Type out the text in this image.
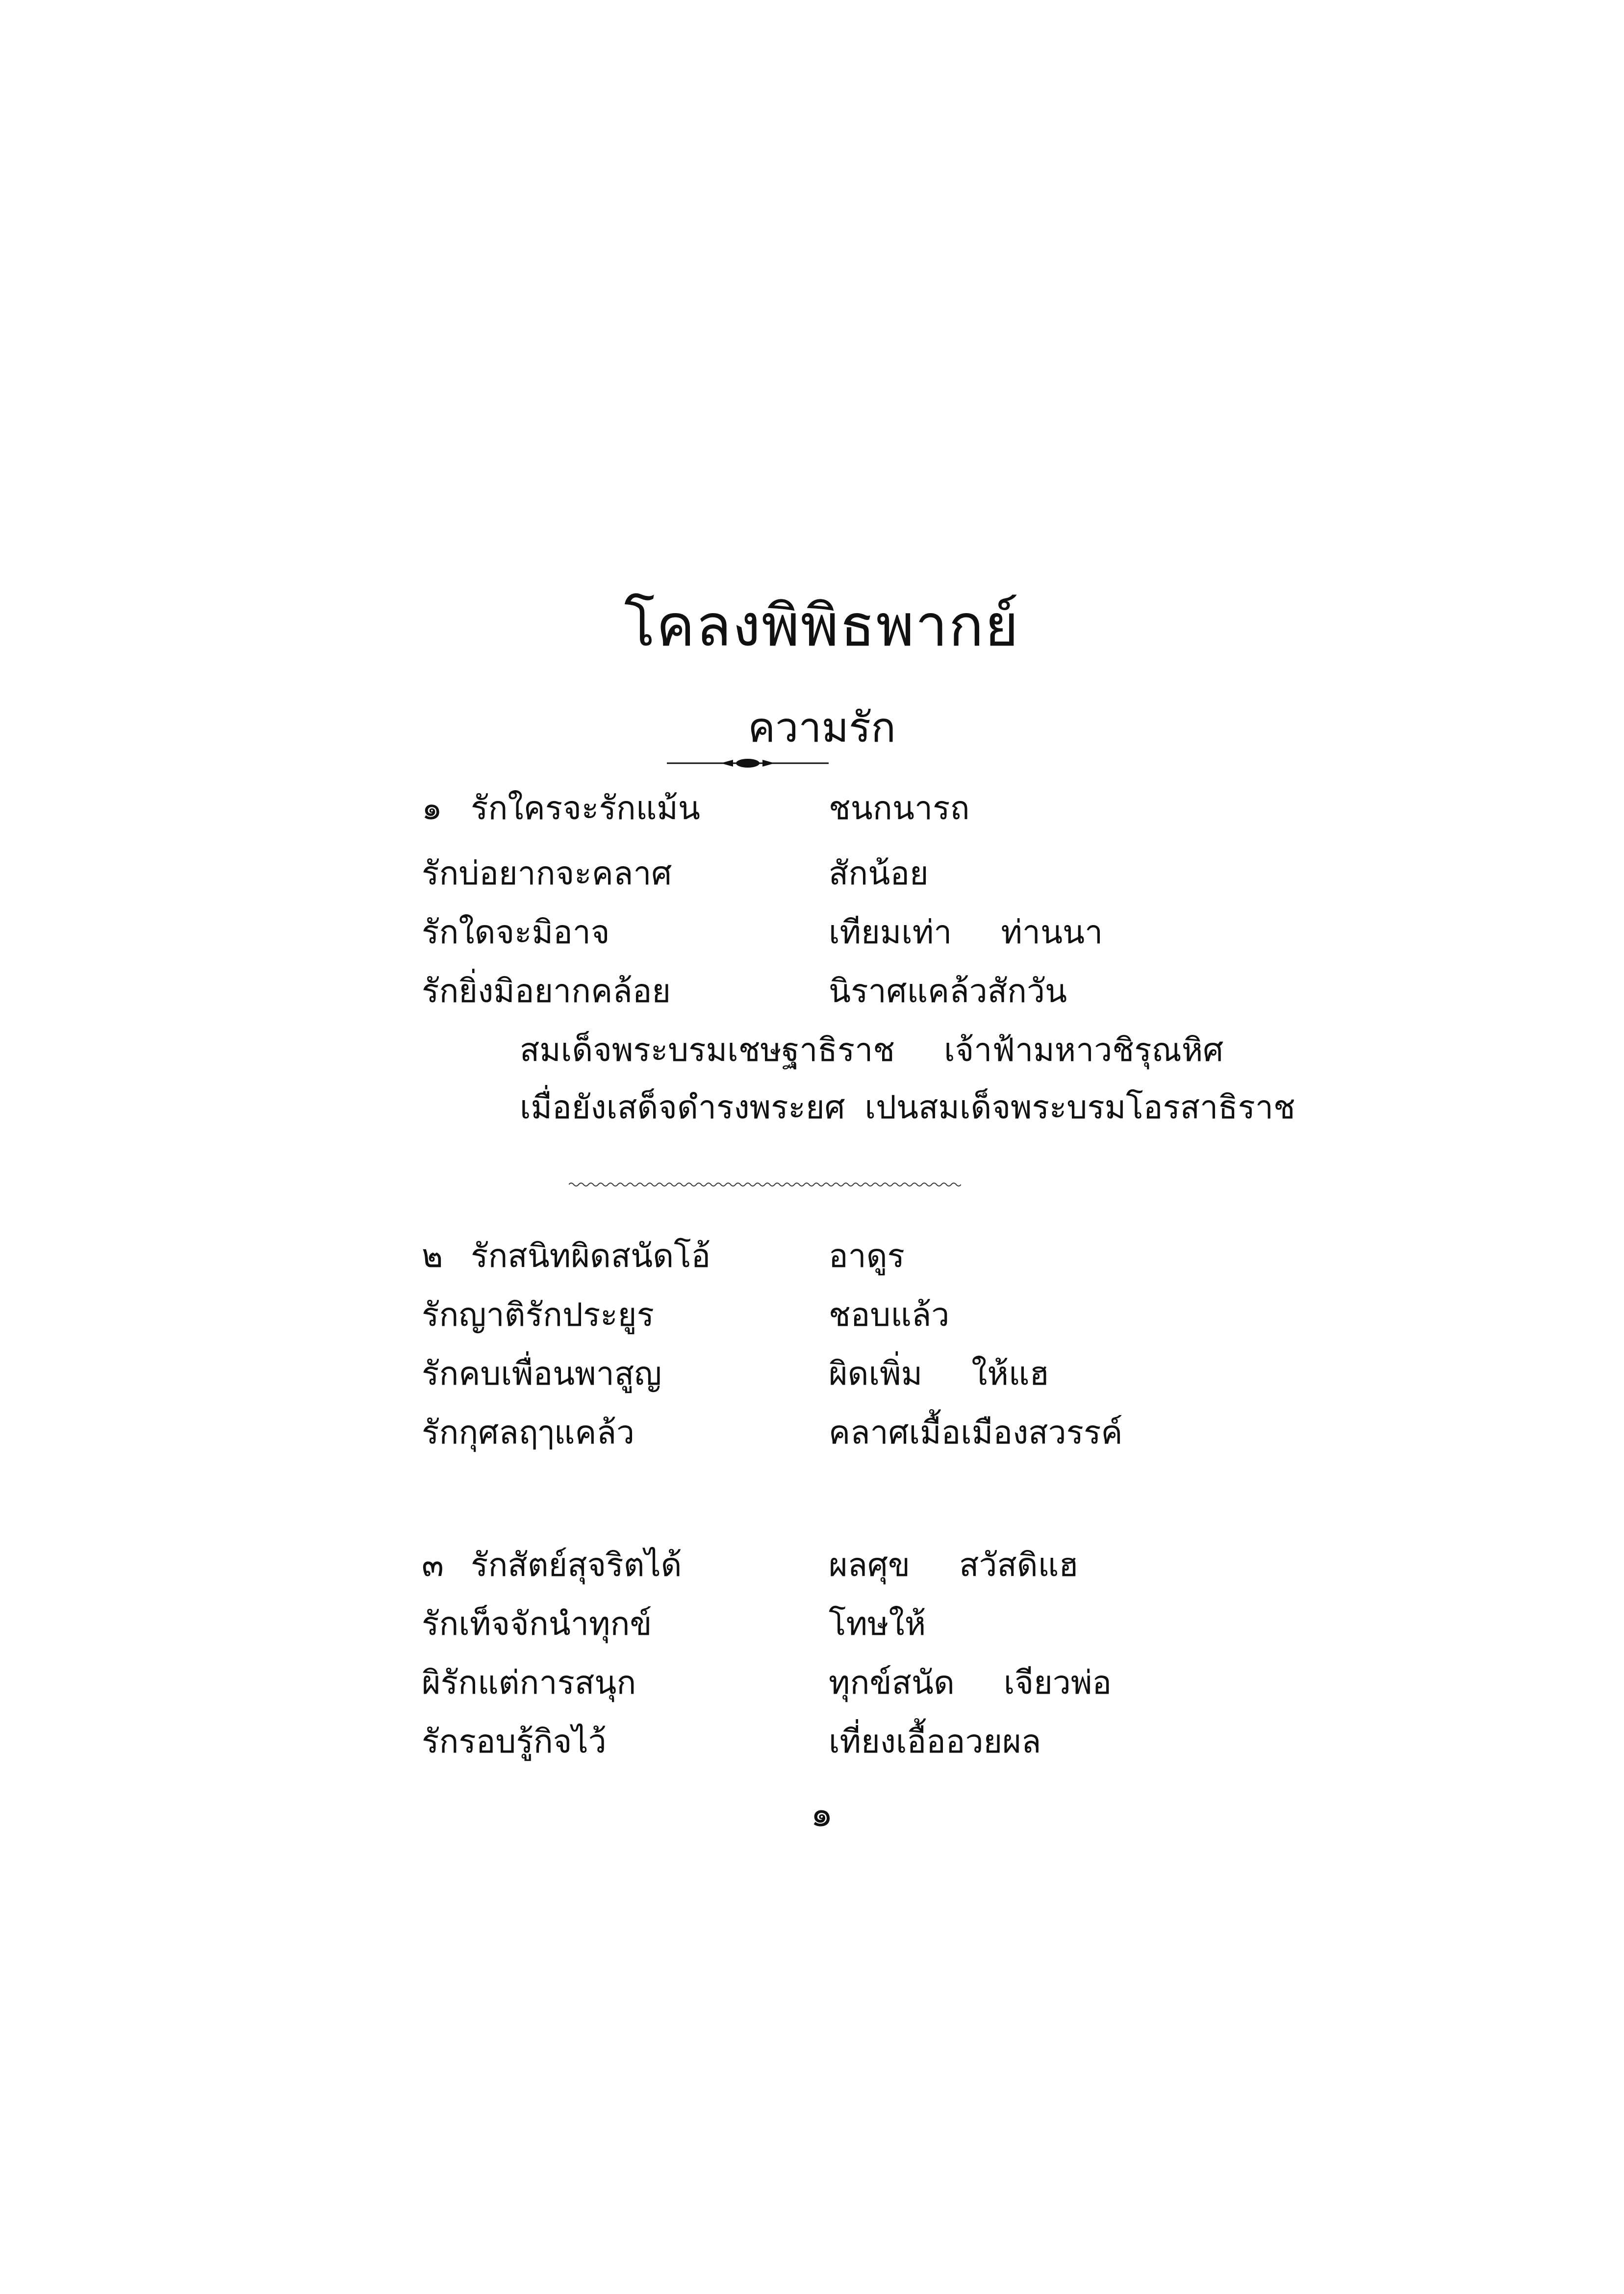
โคลงพิพิธพากย์
ความรัก
๑ รักใครจะรักแม้น	ชนกนารถ
รักบ่อยากจะคลาศ	สักน้อย
รักใดจะมิอาจ	เทียมเท่า ท่านนา
รักยิ่งมิอยากคล้อย	นิราศแคล้วสักวัน
สมเด็จพระบรมเชษฐาธิราช เจ้าฟ้ามหาวชิรุณหิศ
เมื่อยังเสด็จดำรงพระยศ เปนสมเด็จพระบรมโอรสาธิราช
๒ รักสนิทผิดสนัดโอ้	อาดูร
รักญาติรักประยูร	ชอบแล้ว
รักคบเพื่อนพาสูญ	ผิดเพิ่ม ให้แฮ
รักกุศลฤๅแคล้ว	คลาศเมื้อเมืองสวรรค์
๓ รักสัตย์สุจริตได้	ผลศุข สวัสดิแฮ
รักเท็จจักนำทุกข์	โทษให้
ผิรักแต่การสนุก	ทุกข์สนัด เจียวพ่อ
รักรอบรู้กิจไว้	เที่ยงเอื้ออวยผล
๑
